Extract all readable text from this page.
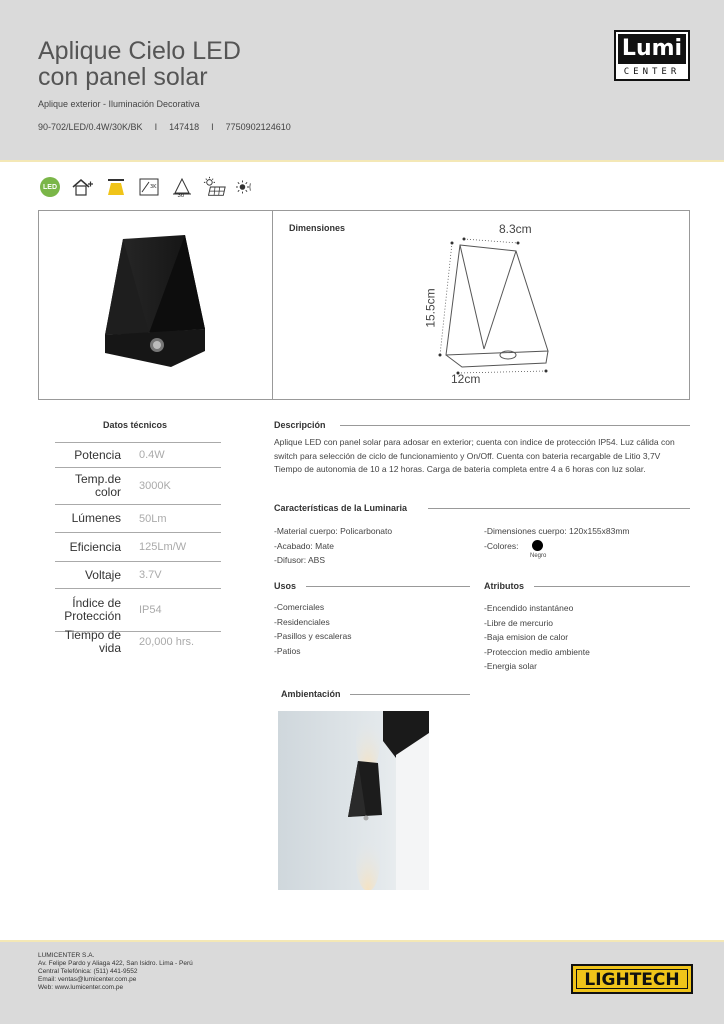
Aplique Cielo LED
con panel solar
Aplique exterior - Iluminación Decorativa
90-702/LED/0.4W/30K/BK I 147418 I 7750902124610
Lumi
CENTER
LED	3K
36°
Dimensiones	8.3cm
15.5cm
12cm
Datos técnicos
Potencia	0.4W
Temp.de color	3000K
Lúmenes	50Lm
Eficiencia	125Lm/W
Voltaje	3.7V
Índice de Protección	IP54
Tiempo de vida	20,000 hrs.
Descripción
Aplique LED con panel solar para adosar en exterior; cuenta con indice de protección IP54. Luz cálida con switch para selección de ciclo de funcionamiento y On/Off. Cuenta con bateria recargable de Litio 3,7V Tiempo de autonomia de 10 a 12 horas. Carga de bateria completa entre 4 a 6 horas con luz solar.
Características de la Luminaria
-Material cuerpo: Policarbonato
-Acabado: Mate
-Difusor: ABS
-Dimensiones cuerpo: 120x155x83mm
-Colores:
Negro
Usos
-Comerciales
-Residenciales
-Pasillos y escaleras
-Patios
Atributos
-Encendido instantáneo
-Libre de mercurio
-Baja emision de calor
-Proteccion medio ambiente
-Energia solar
Ambientación
LUMICENTER S.A.
Av. Felipe Pardo y Aliaga 422, San Isidro. Lima - Perú
Central Telefónica: (511) 441-9552
Email: ventas@lumicenter.com.pe
Web: www.lumicenter.com.pe	LIGHTECH
